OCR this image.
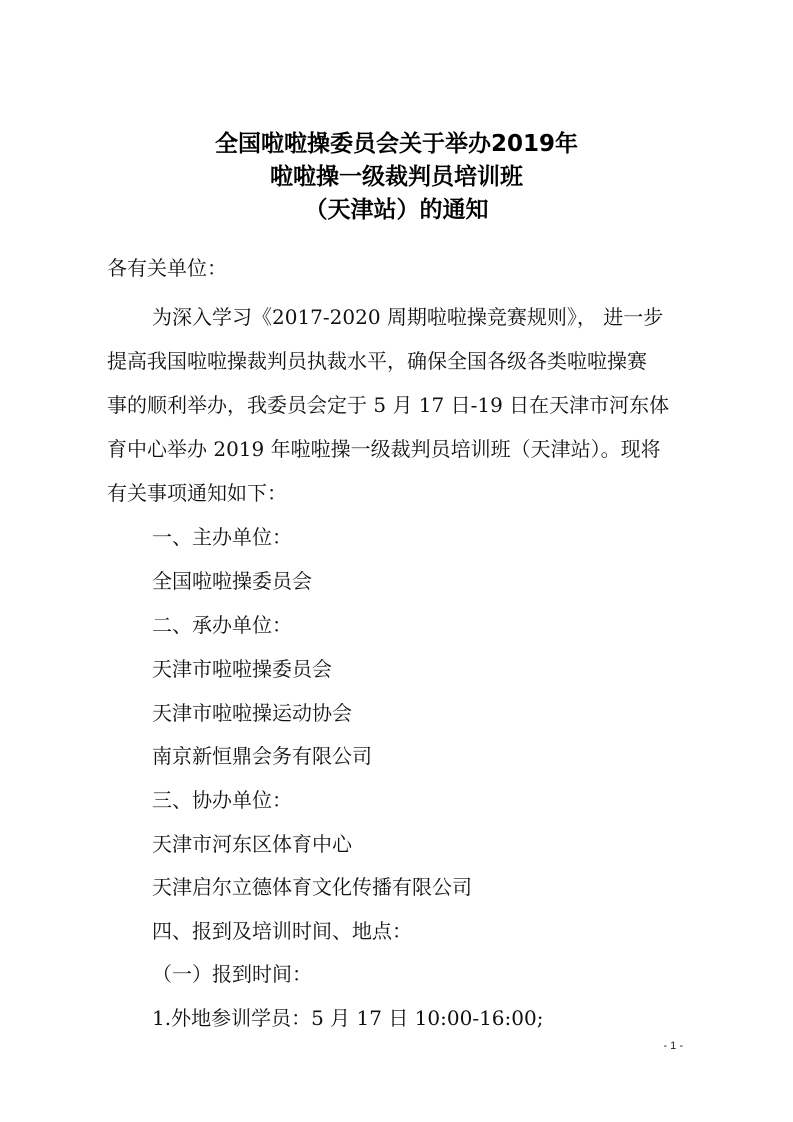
全国啦啦操委员会关于举办2019年
啦啦操一级裁判员培训班
（天津站）的通知
各有关单位：
为深入学习《2017-2020 周期啦啦操竞赛规则》， 进一步
提高我国啦啦操裁判员执裁水平，确保全国各级各类啦啦操赛
事的顺利举办，我委员会定于 5 月 17 日-19 日在天津市河东体
育中心举办 2019 年啦啦操一级裁判员培训班（天津站）。现将
有关事项通知如下：
一、主办单位：
全国啦啦操委员会
二、承办单位：
天津市啦啦操委员会
天津市啦啦操运动协会
南京新恒鼎会务有限公司
三、协办单位：
天津市河东区体育中心
天津启尔立德体育文化传播有限公司
四、报到及培训时间、地点：
（一）报到时间：
1.外地参训学员：5 月 17 日 10:00-16:00;
- 1 -
